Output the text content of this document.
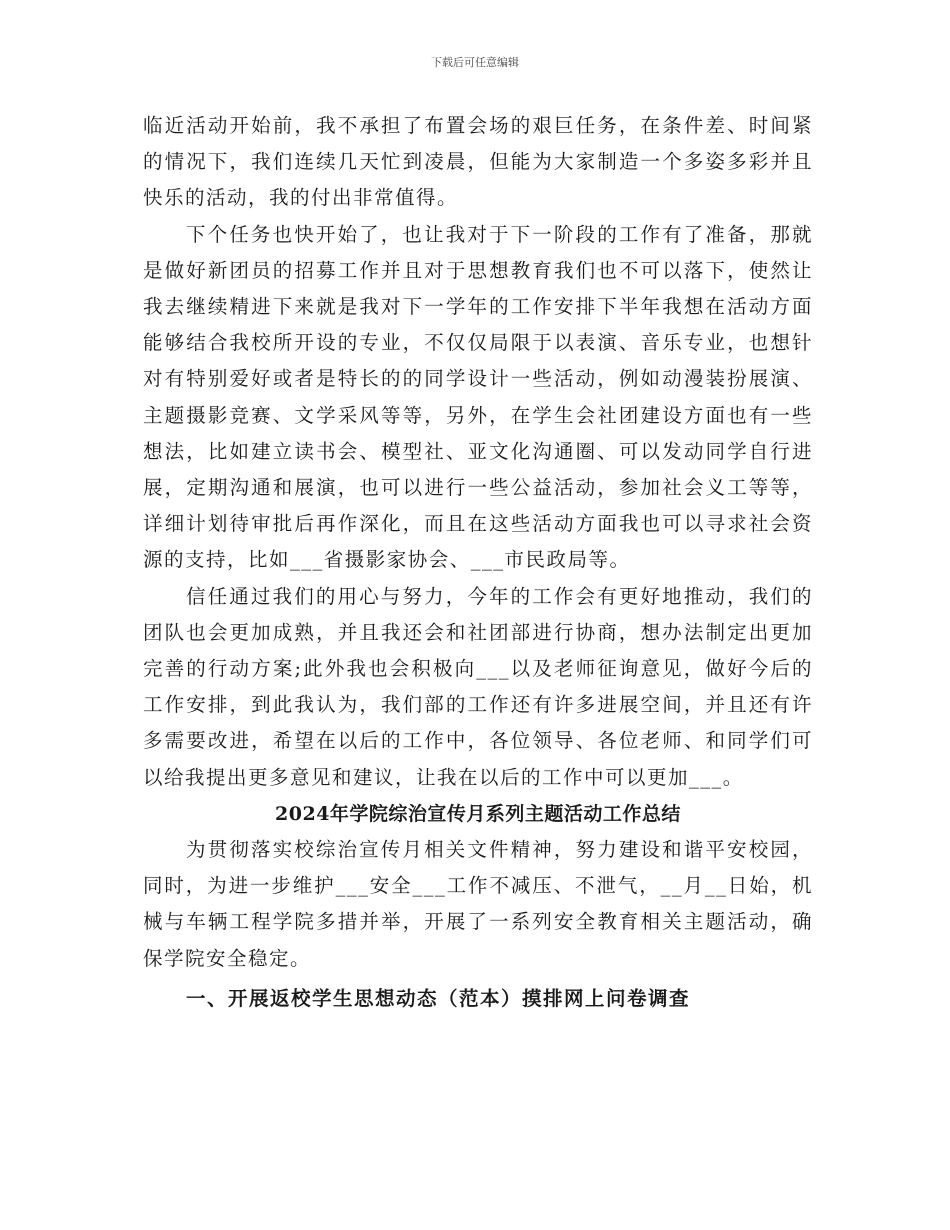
下载后可任意编辑

临近活动开始前，我不承担了布置会场的艰巨任务，在条件差、时间紧的情况下，我们连续几天忙到凌晨，但能为大家制造一个多姿多彩并且快乐的活动，我的付出非常值得。

下个任务也快开始了，也让我对于下一阶段的工作有了准备，那就是做好新团员的招募工作并且对于思想教育我们也不可以落下，使然让我去继续精进下来就是我对下一学年的工作安排下半年我想在活动方面能够结合我校所开设的专业，不仅仅局限于以表演、音乐专业，也想针对有特别爱好或者是特长的的同学设计一些活动，例如动漫装扮展演、主题摄影竞赛、文学采风等等，另外，在学生会社团建设方面也有一些想法，比如建立读书会、模型社、亚文化沟通圈、可以发动同学自行进展，定期沟通和展演，也可以进行一些公益活动，参加社会义工等等，详细计划待审批后再作深化，而且在这些活动方面我也可以寻求社会资源的支持，比如___省摄影家协会、___市民政局等。

信任通过我们的用心与努力，今年的工作会有更好地推动，我们的团队也会更加成熟，并且我还会和社团部进行协商，想办法制定出更加完善的行动方案;此外我也会积极向___以及老师征询意见，做好今后的工作安排，到此我认为，我们部的工作还有许多进展空间，并且还有许多需要改进，希望在以后的工作中，各位领导、各位老师、和同学们可以给我提出更多意见和建议，让我在以后的工作中可以更加___。

2024年学院综治宣传月系列主题活动工作总结

为贯彻落实校综治宣传月相关文件精神，努力建设和谐平安校园，同时，为进一步维护___安全___工作不减压、不泄气，__月__日始，机械与车辆工程学院多措并举，开展了一系列安全教育相关主题活动，确保学院安全稳定。

一、开展返校学生思想动态（范本）摸排网上问卷调查
